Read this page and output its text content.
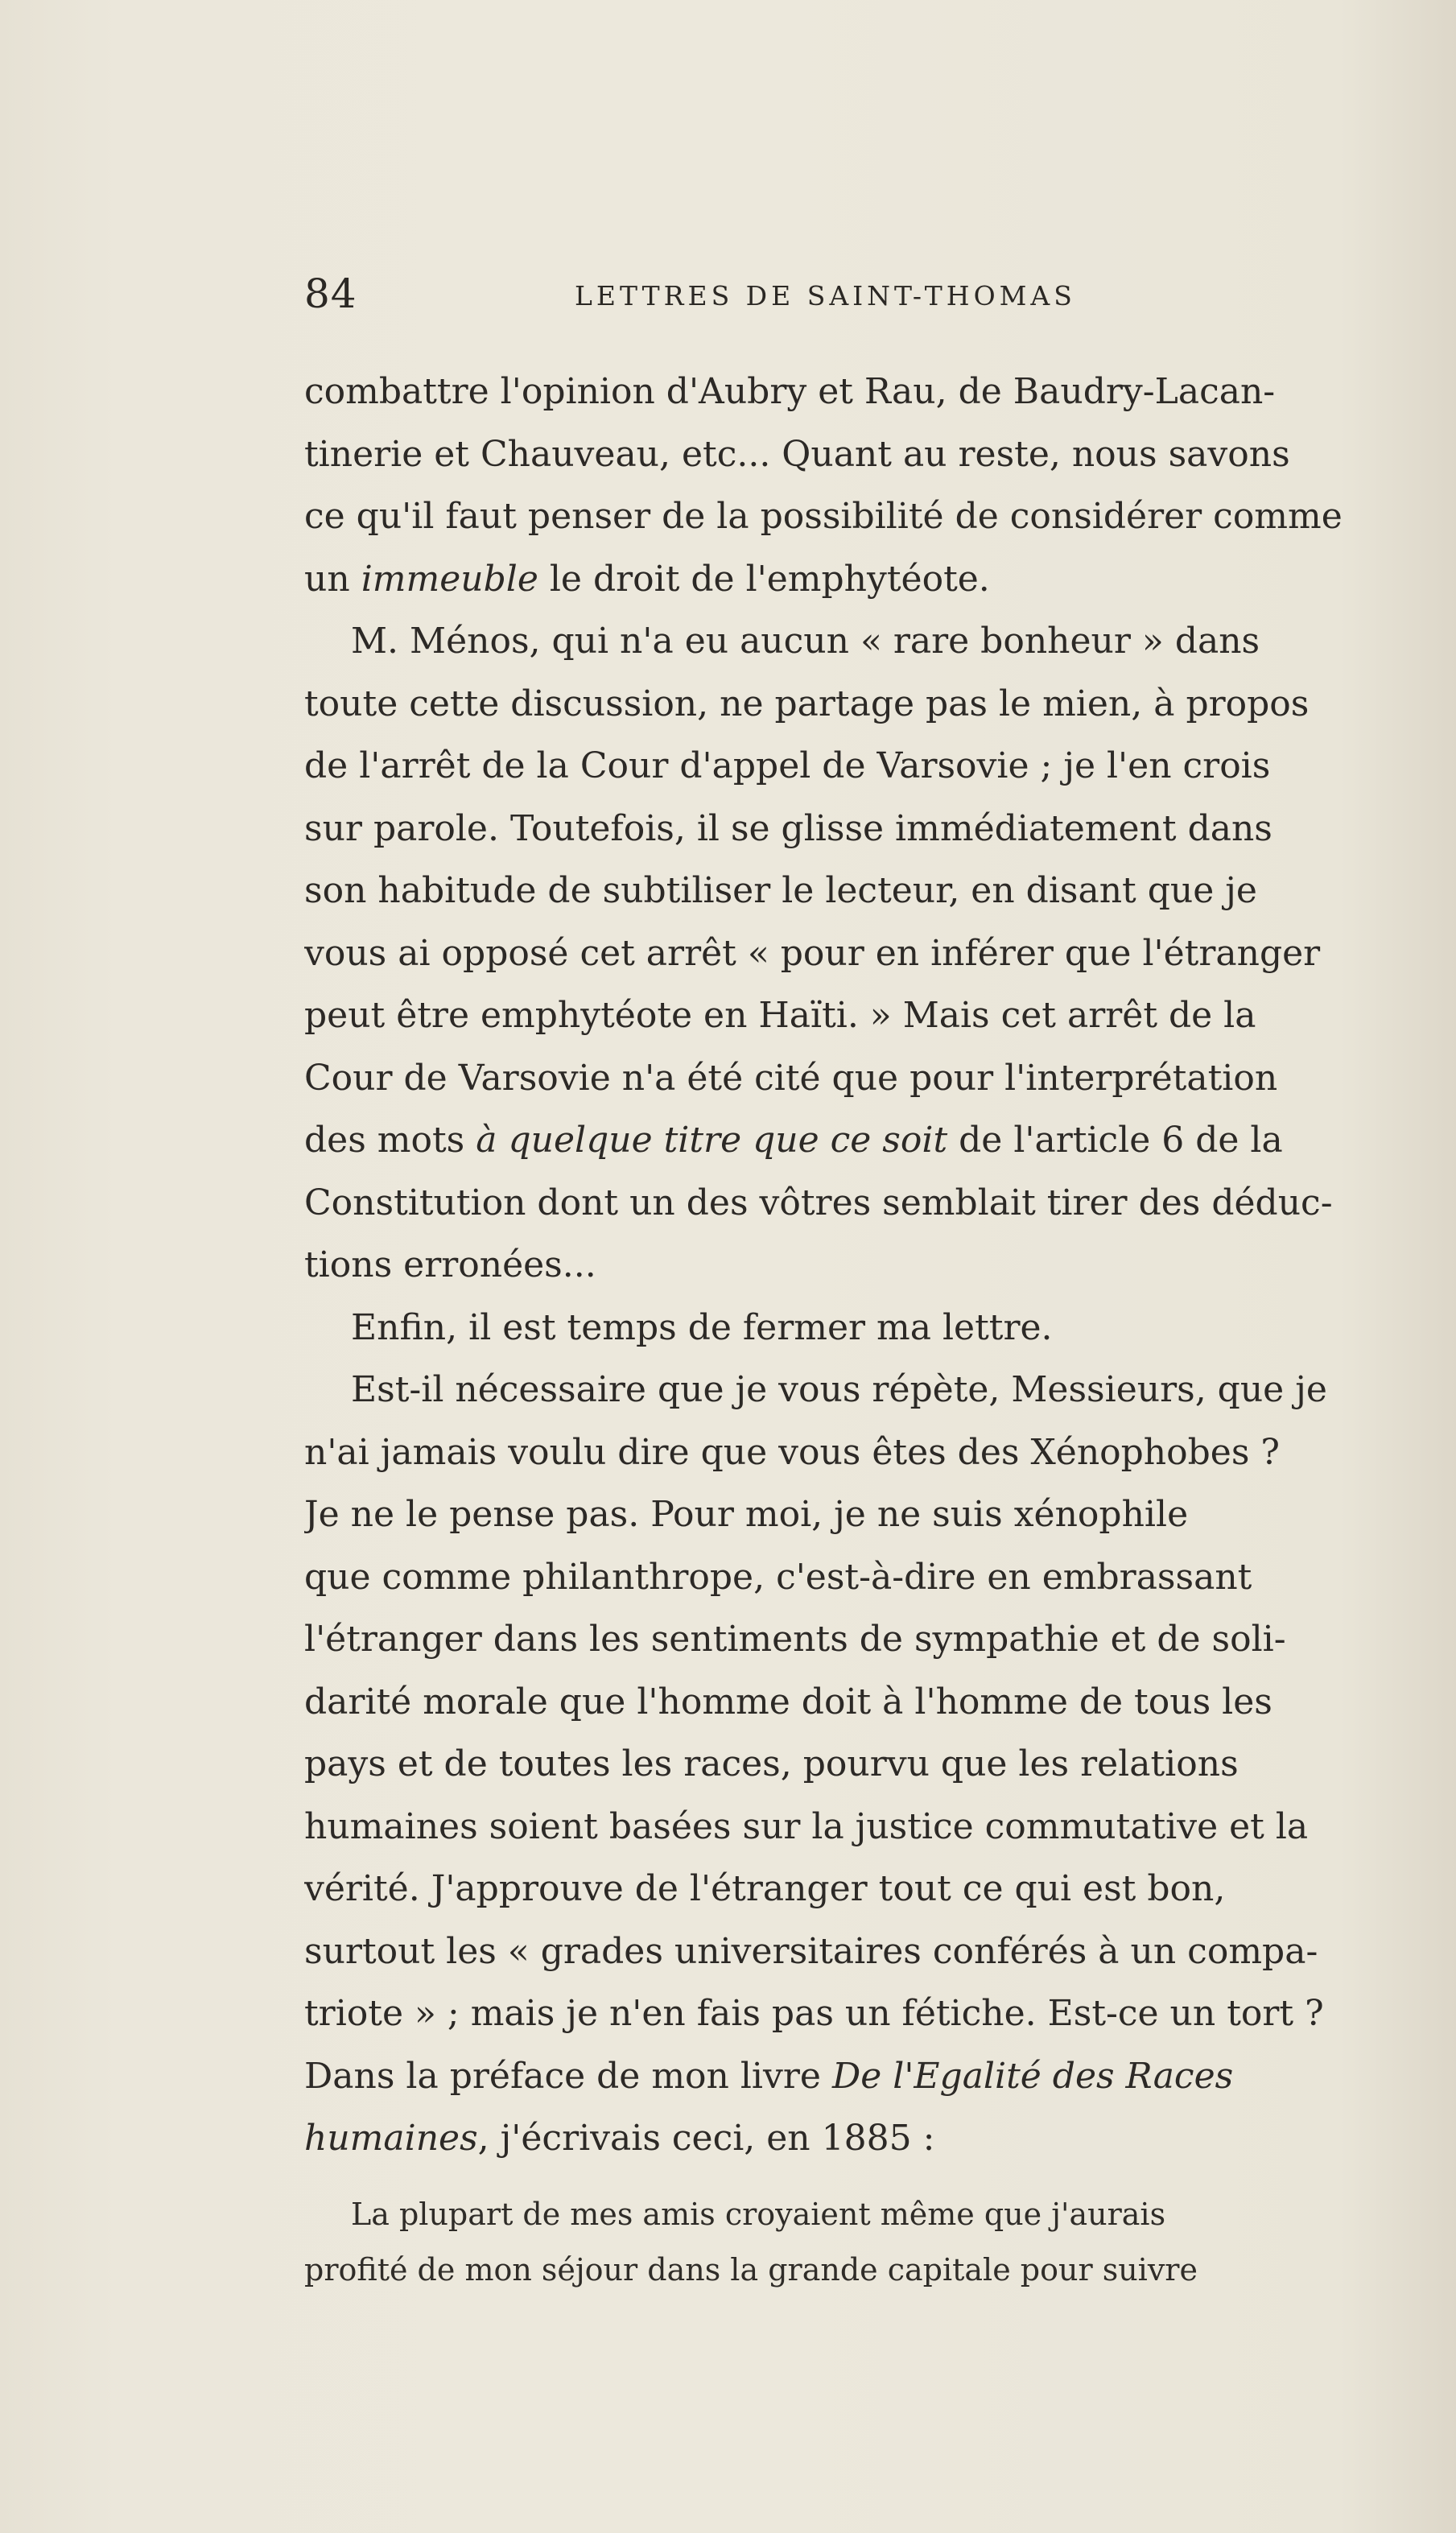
84	LETTRES DE SAINT-THOMAS
combattre l'opinion d'Aubry et Rau, de Baudry-Lacan-
tinerie et Chauveau, etc... Quant au reste, nous savons
ce qu'il faut penser de la possibilité de considérer comme
un immeuble le droit de l'emphytéote.
M. Ménos, qui n'a eu aucun « rare bonheur » dans
toute cette discussion, ne partage pas le mien, à propos
de l'arrêt de la Cour d'appel de Varsovie ; je l'en crois
sur parole. Toutefois, il se glisse immédiatement dans
son habitude de subtiliser le lecteur, en disant que je
vous ai opposé cet arrêt « pour en inférer que l'étranger
peut être emphytéote en Haïti. » Mais cet arrêt de la
Cour de Varsovie n'a été cité que pour l'interprétation
des mots à quelque titre que ce soit de l'article 6 de la
Constitution dont un des vôtres semblait tirer des déduc-
tions erronées...
Enfin, il est temps de fermer ma lettre.
Est-il nécessaire que je vous répète, Messieurs, que je
n'ai jamais voulu dire que vous êtes des Xénophobes ?
Je ne le pense pas. Pour moi, je ne suis xénophile
que comme philanthrope, c'est-à-dire en embrassant
l'étranger dans les sentiments de sympathie et de soli-
darité morale que l'homme doit à l'homme de tous les
pays et de toutes les races, pourvu que les relations
humaines soient basées sur la justice commutative et la
vérité. J'approuve de l'étranger tout ce qui est bon,
surtout les « grades universitaires conférés à un compa-
triote » ; mais je n'en fais pas un fétiche. Est-ce un tort ?
Dans la préface de mon livre De l'Egalité des Races
humaines, j'écrivais ceci, en 1885 :
La plupart de mes amis croyaient même que j'aurais
profité de mon séjour dans la grande capitale pour suivre
